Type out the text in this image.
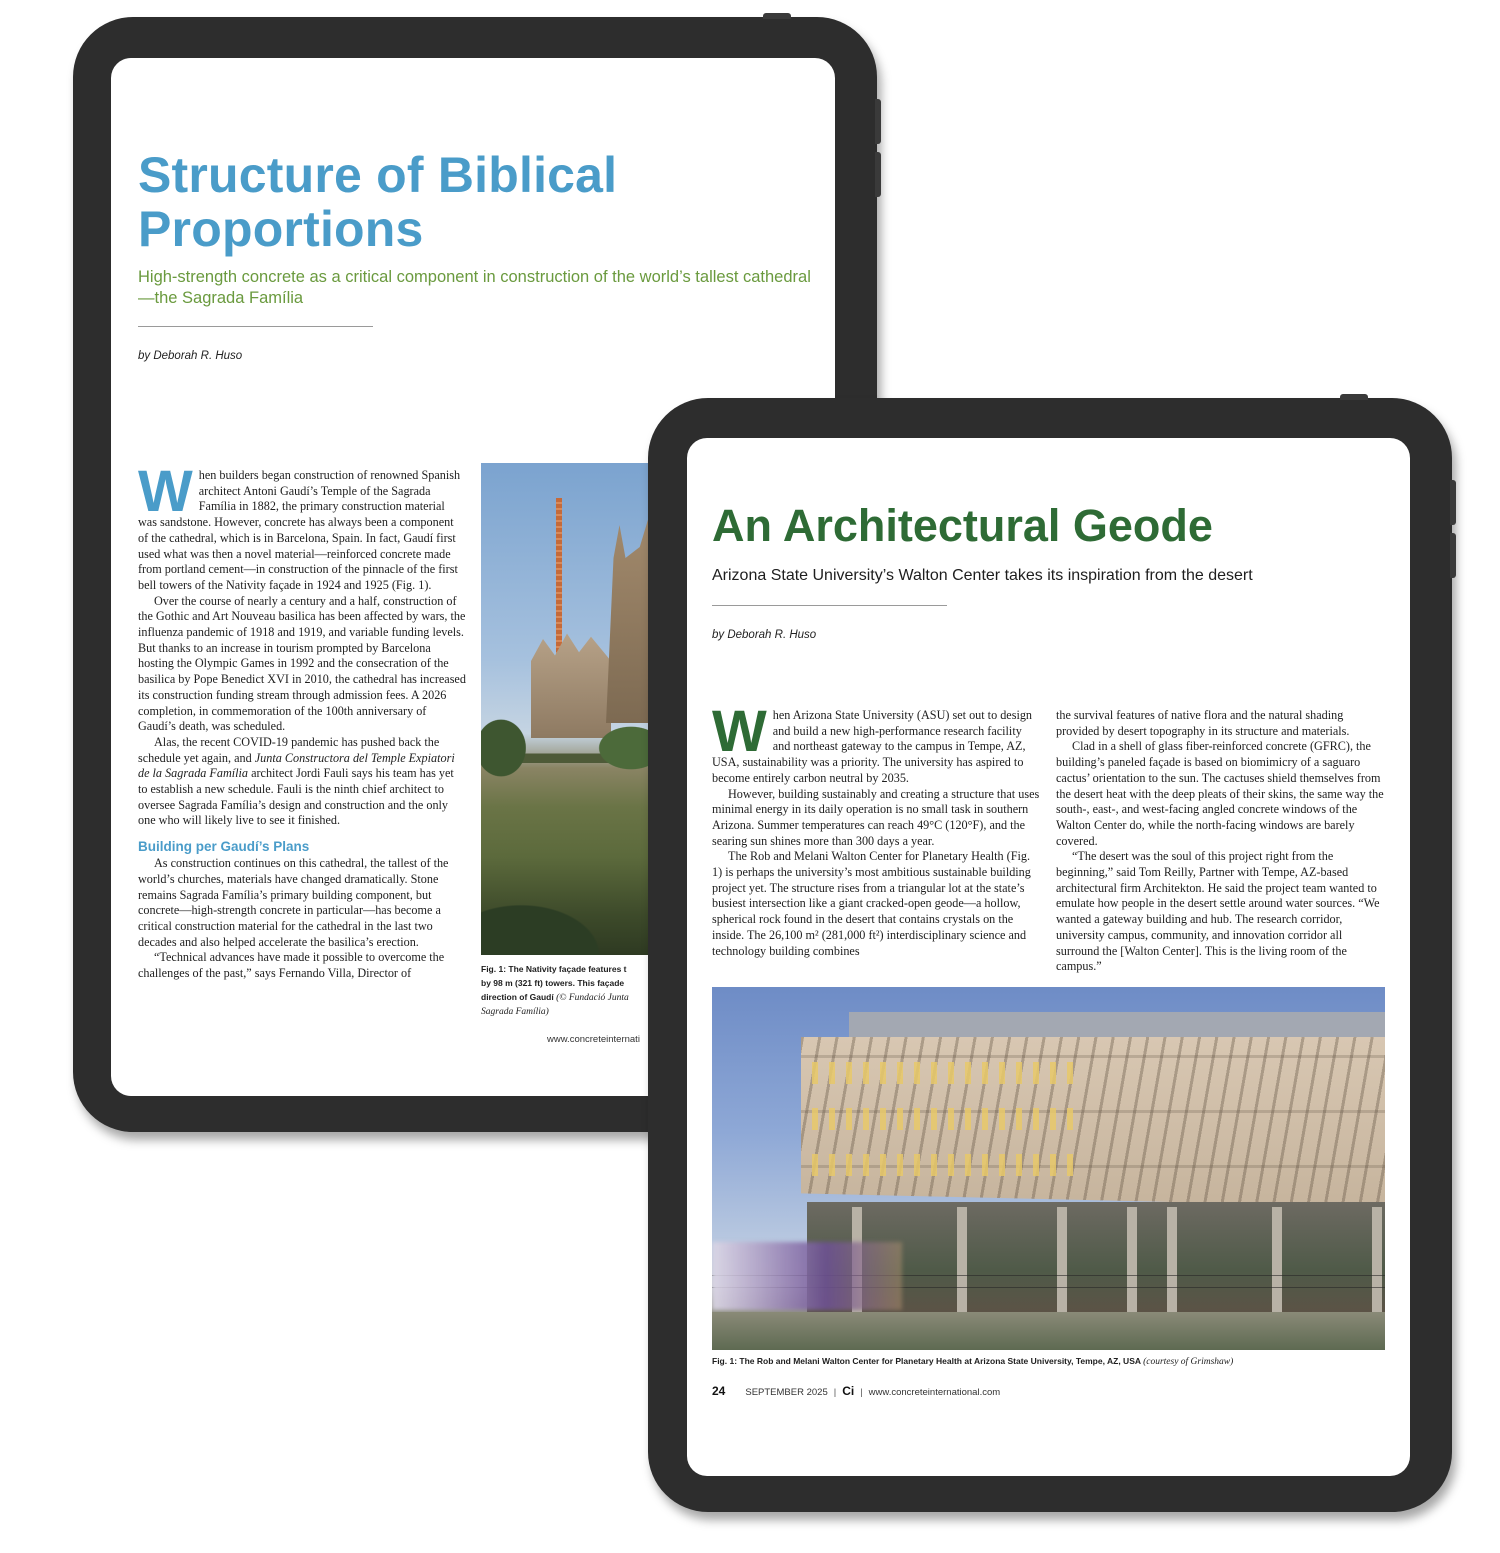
Structure of Biblical Proportions
High-strength concrete as a critical component in construction of the world’s tallest cathedral—the Sagrada Família
by Deborah R. Huso

When builders began construction of renowned Spanish architect Antoni Gaudí’s Temple of the Sagrada Família in 1882, the primary construction material was sandstone. However, concrete has always been a component of the cathedral, which is in Barcelona, Spain. In fact, Gaudí first used what was then a novel material—reinforced concrete made from portland cement—in construction of the pinnacle of the first bell towers of the Nativity façade in 1924 and 1925 (Fig. 1).

Over the course of nearly a century and a half, construction of the Gothic and Art Nouveau basilica has been affected by wars, the influenza pandemic of 1918 and 1919, and variable funding levels. But thanks to an increase in tourism prompted by Barcelona hosting the Olympic Games in 1992 and the consecration of the basilica by Pope Benedict XVI in 2010, the cathedral has increased its construction funding stream through admission fees. A 2026 completion, in commemoration of the 100th anniversary of Gaudí’s death, was scheduled.

Alas, the recent COVID-19 pandemic has pushed back the schedule yet again, and Junta Constructora del Temple Expiatori de la Sagrada Família architect Jordi Fauli says his team has yet to establish a new schedule. Fauli is the ninth chief architect to oversee Sagrada Família’s design and construction and the only one who will likely live to see it finished.

Building per Gaudí’s Plans

As construction continues on this cathedral, the tallest of the world’s churches, materials have changed dramatically. Stone remains Sagrada Família’s primary building component, but concrete—high-strength concrete in particular—has become a critical construction material for the cathedral in the last two decades and also helped accelerate the basilica’s erection.

“Technical advances have made it possible to overcome the challenges of the past,” says Fernando Villa, Director of	Fig. 1: The Nativity façade features t
by 98 m (321 ft) towers. This façade
direction of Gaudí (© Fundació Junta
Sagrada Família)
www.concreteinternati
An Architectural Geode
Arizona State University’s Walton Center takes its inspiration from the desert
by Deborah R. Huso

When Arizona State University (ASU) set out to design and build a new high-performance research facility and northeast gateway to the campus in Tempe, AZ, USA, sustainability was a priority. The university has aspired to become entirely carbon neutral by 2035.

However, building sustainably and creating a structure that uses minimal energy in its daily operation is no small task in southern Arizona. Summer temperatures can reach 49°C (120°F), and the searing sun shines more than 300 days a year.

The Rob and Melani Walton Center for Planetary Health (Fig. 1) is perhaps the university’s most ambitious sustainable building project yet. The structure rises from a triangular lot at the state’s busiest intersection like a giant cracked-open geode—a hollow, spherical rock found in the desert that contains crystals on the inside. The 26,100 m² (281,000 ft²) interdisciplinary science and technology building combines

the survival features of native flora and the natural shading provided by desert topography in its structure and materials.

Clad in a shell of glass fiber-reinforced concrete (GFRC), the building’s paneled façade is based on biomimicry of a saguaro cactus’ orientation to the sun. The cactuses shield themselves from the desert heat with the deep pleats of their skins, the same way the south-, east-, and west-facing angled concrete windows of the Walton Center do, while the north-facing windows are barely covered.

“The desert was the soul of this project right from the beginning,” said Tom Reilly, Partner with Tempe, AZ-based architectural firm Architekton. He said the project team wanted to emulate how people in the desert settle around water sources. “We wanted a gateway building and hub. The research corridor, university campus, community, and innovation corridor all surround the [Walton Center]. This is the living room of the campus.”

Fig. 1: The Rob and Melani Walton Center for Planetary Health at Arizona State University, Tempe, AZ, USA (courtesy of Grimshaw)
24 SEPTEMBER 2025 | Ci | www.concreteinternational.com
